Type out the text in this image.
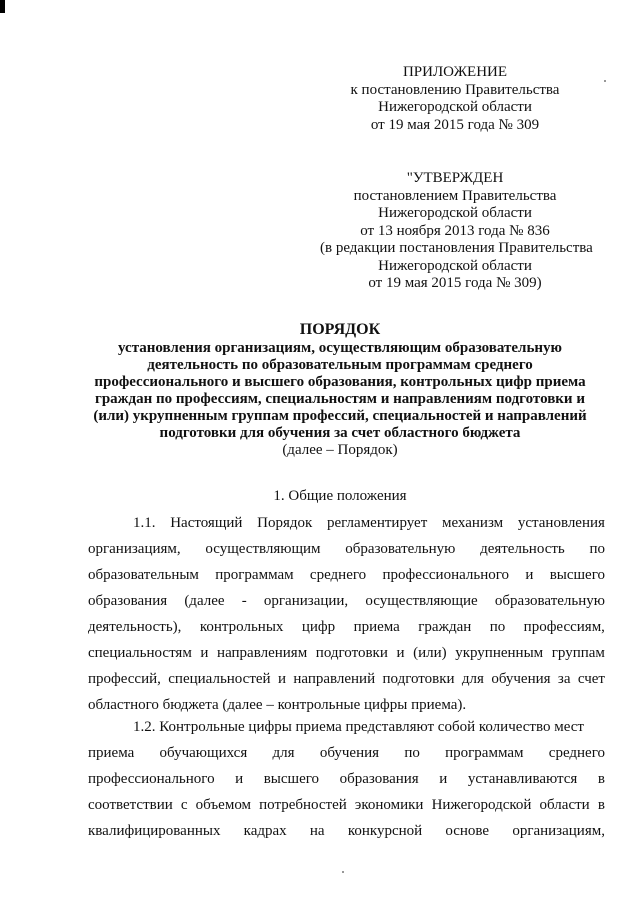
ПРИЛОЖЕНИЕ
к постановлению Правительства
Нижегородской области
от 19 мая 2015 года № 309
"УТВЕРЖДЕН
постановлением Правительства
Нижегородской области
от 13 ноября 2013 года № 836
(в редакции постановления Правительства
Нижегородской области
от 19 мая 2015 года № 309)
ПОРЯДОК
установления организациям, осуществляющим образовательную
деятельность по образовательным программам среднего
профессионального и высшего образования, контрольных цифр приема
граждан по профессиям, специальностям и направлениям подготовки и
(или) укрупненным группам профессий, специальностей и направлений
подготовки для обучения за счет областного бюджета
(далее – Порядок)
1. Общие положения
1.1. Настоящий Порядок регламентирует механизм установления
организациям, осуществляющим образовательную деятельность по
образовательным программам среднего профессионального и высшего
образования (далее - организации, осуществляющие образовательную
деятельность), контрольных цифр приема граждан по профессиям,
специальностям и направлениям подготовки и (или) укрупненным группам
профессий, специальностей и направлений подготовки для обучения за счет
областного бюджета (далее – контрольные цифры приема).
1.2. Контрольные цифры приема представляют собой количество мест
приема обучающихся для обучения по программам среднего
профессионального и высшего образования и устанавливаются в
соответствии с объемом потребностей экономики Нижегородской области в
квалифицированных кадрах на конкурсной основе организациям,
